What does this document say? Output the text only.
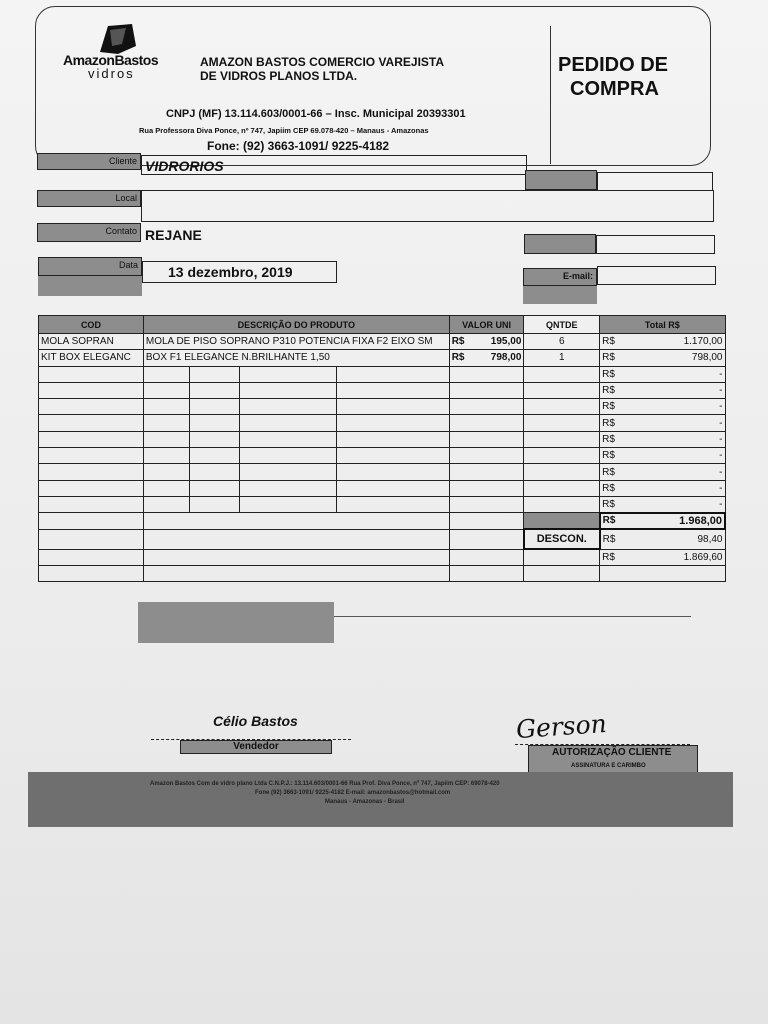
AmazonBastos
vidros
AMAZON BASTOS COMERCIO VAREJISTA
DE VIDROS PLANOS LTDA.
CNPJ (MF) 13.114.603/0001-66 – Insc. Municipal 20393301
Rua Professora Diva Ponce, nº 747, Japiim CEP 69.078-420 – Manaus - Amazonas
Fone: (92) 3663-1091/ 9225-4182
PEDIDO DE
COMPRA
Cliente VIDRORIOS
Local
Contato REJANE
Data 13 dezembro, 2019	E-mail:
COD	DESCRIÇÃO DO PRODUTO				VALOR UNI	QNTDE	Total R$
MOLA SOPRAN	MOLA DE PISO SOPRANO P310 POTENCIA FIXA F2 EIXO SM				R$ 195,00	6	R$ 1.170,00

KIT BOX ELEGANC	BOX F1 ELEGANCE N.BRILHANTE 1,50				R$ 798,00	1	R$ 798,00

							R$ -

							R$ -

							R$ -

							R$ -

							R$ -

							R$ -

							R$ -

							R$ -

							R$ -

							R$ 1.968,00

						DESCON.	R$ 98,40

							R$ 1.869,60

Célio Bastos
Vendedor
Gerson
AUTORIZAÇÃO CLIENTE
ASSINATURA E CARIMBO
Amazon Bastos Com de vidro plano Ltda C.N.P.J.: 13.114.603/0001-66 Rua Prof. Diva Ponce, nº 747, Japiim CEP: 69078-420
Fone (92) 3663-1091/ 9225-4182 E-mail: amazonbastos@hotmail.com
Manaus - Amazonas - Brasil
